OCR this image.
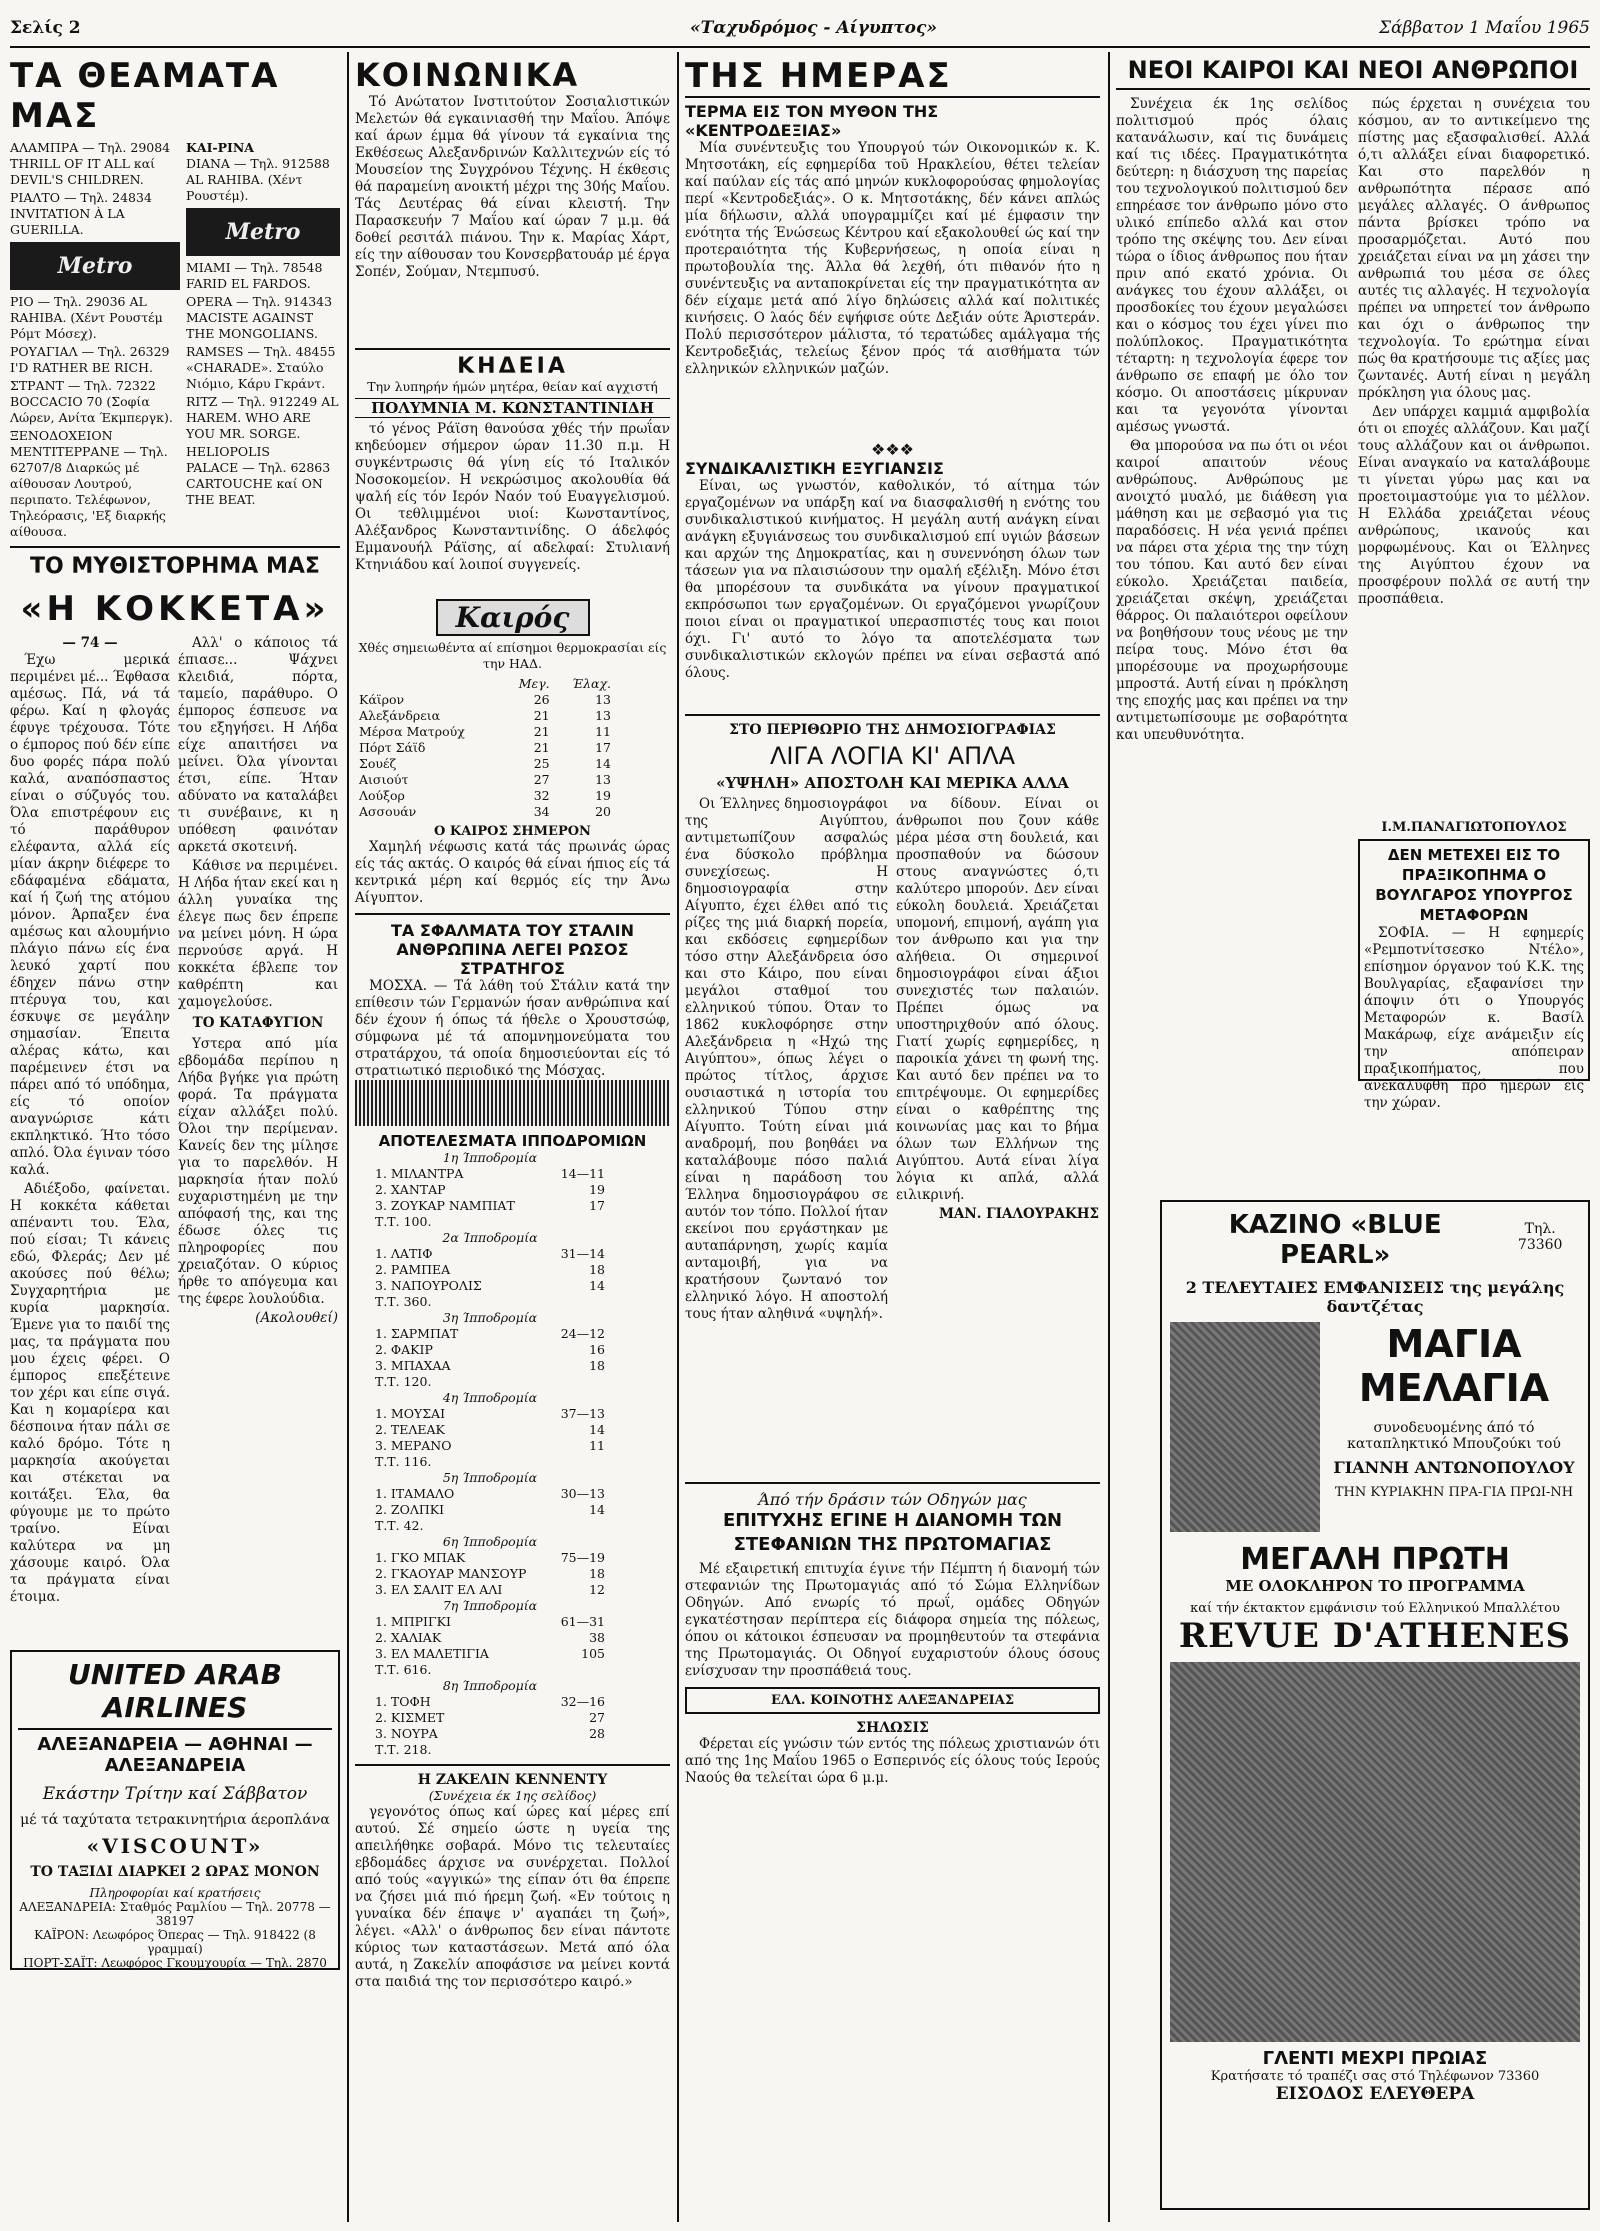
Σελίς 2	«Ταχυδρόμος - Αίγυπτος»	Σάββατον 1 Μαΐου 1965
ΤΑ ΘΕΑΜΑΤΑ ΜΑΣ
ΑΛΑΜΠΡΑ — Τηλ. 29084 THRILL OF IT ALL καί DEVIL'S CHILDREN.
ΡΙΑΛΤΟ — Τηλ. 24834 INVITATION À LA GUERILLA.
Metro
ΡΙΟ — Τηλ. 29036 AL RAHIBA. (Χέντ Ρουστέμ Ρόμτ Μόσεχ).
ΡΟΥΑΓΙΑΛ — Τηλ. 26329 I'D RATHER BE RICH.
ΣΤΡΑΝΤ — Τηλ. 72322 BOCCACIO 70 (Σοφία Λώρεν, Ανίτα Έκμπεργκ).
ΞΕΝΟΔΟΧΕΙΟΝ ΜΕΝΤΙΤΕΡΡΑΝΕ — Τηλ. 62707/8 Διαρκώς μέ αίθουσαν Λουτρού, περιπατο. Τελέφωνον, Τηλεόρασις, 'Εξ διαρκής αίθουσα.
ΚΑΙ-ΡΙΝΑ
DIANA — Τηλ. 912588 AL RAHIBA. (Χέντ Ρουστέμ).
Metro
MIAMI — Τηλ. 78548 FARID EL FARDOS.
OPERA — Τηλ. 914343 MACISTE AGAINST THE MONGOLIANS.
RAMSES — Τηλ. 48455 «CHARADE». Σταύλο Νιόμιο, Κάρυ Γκράντ.
RITZ — Τηλ. 912249 AL HAREM. WHO ARE YOU MR. SORGE.
HELIOPOLIS
PALACE — Τηλ. 62863 CARTOUCHE καί ON THE BEAT.
ΤΟ ΜΥΘΙΣΤΟΡΗΜΑ ΜΑΣ
«Η ΚΟΚΚΕΤΑ»
— 74 —

Έχω μερικά περιμένει μέ... Έφθασα αμέσως. Πά, νά τά φέρω. Καί η φλογάς έφυγε τρέχουσα. Τότε ο έμπορος πού δέν είπε δυο φορές πάρα πολύ καλά, αναπόσπαστος είναι ο σύζυγός του. Όλα επιστρέφουν εις τό παράθυρον ελέφαντα, αλλά είς μίαν άκρην διέφερε το εδάφαμένα εδάματα, καί ή ζωή της ατόμου μόνον. Άρπαξεν ένα αμέσως και αλουμήνιο πλάγιο πάνω είς ένα λευκό χαρτί που έδηχεν πάνω στην πτέρυγα του, και έσκυψε σε μεγάλην σημασίαν. Έπειτα αλέρας κάτω, και παρέμεινεν έτσι να πάρει από τό υπόδημα, είς τό οποίον αναγνώρισε κάτι εκπληκτικό. Ήτο τόσο απλό. Όλα έγιναν τόσο καλά.

Αδιέξοδο, φαίνεται. Η κοκκέτα κάθεται απέναντι του. Έλα, πού είσαι; Τι κάνεις εδώ, Φλεράς; Δεν μέ ακούσες πού θέλω; Συγχαρητήρια με κυρία μαρκησία. Έμενε για το παιδί της μας, τα πράγματα που μου έχεις φέρει. Ο έμπορος επεξέτεινε τον χέρι και είπε σιγά. Και η κομαρίερα και δέσποινα ήταν πάλι σε καλό δρόμο. Τότε η μαρκησία ακούγεται και στέκεται να κοιτάξει. Έλα, θα φύγουμε με το πρώτο τραίνο. Είναι καλύτερα να μη χάσουμε καιρό. Όλα τα πράγματα είναι έτοιμα.

Αλλ' ο κάποιος τά έπιασε... Ψάχνει κλειδιά, πόρτα, ταμείο, παράθυρο. Ο έμπορος έσπευσε να του εξηγήσει. Η Λήδα είχε απαιτήσει να μείνει. Όλα γίνονται έτσι, είπε. Ήταν αδύνατο να καταλάβει τι συνέβαινε, κι η υπόθεση φαινόταν αρκετά σκοτεινή.

Κάθισε να περιμένει. Η Λήδα ήταν εκεί και η άλλη γυναίκα της έλεγε πως δεν έπρεπε να μείνει μόνη. Η ώρα περνούσε αργά. Η κοκκέτα έβλεπε τον καθρέπτη και χαμογελούσε.

ΤΟ ΚΑΤΑΦΥΓΙΟΝ

Υστερα από μία εβδομάδα περίπου η Λήδα βγήκε για πρώτη φορά. Τα πράγματα είχαν αλλάξει πολύ. Όλοι την περίμεναν. Κανείς δεν της μίλησε για το παρελθόν. Η μαρκησία ήταν πολύ ευχαριστημένη με την απόφασή της, και της έδωσε όλες τις πληροφορίες που χρειαζόταν. Ο κύριος ήρθε το απόγευμα και της έφερε λουλούδια.

(Ακολουθεί)
UNITED ARAB AIRLINES
ΑΛΕΞΑΝΔΡΕΙΑ — ΑΘΗΝΑΙ — ΑΛΕΞΑΝΔΡΕΙΑ
Εκάστην Τρίτην καί Σάββατον
μέ τά ταχύτατα τετρακινητήρια άεροπλάνα
«VISCOUNT»
ΤΟ ΤΑΞΙΔΙ ΔΙΑΡΚΕΙ 2 ΩΡΑΣ ΜΟΝΟΝ
Πληροφορίαι καί κρατήσεις
ΑΛΕΞΑΝΔΡΕΙΑ: Σταθμός Ραμλίου — Τηλ. 20778 — 38197
ΚΑΪΡΟΝ: Λεωφόρος Όπερας — Τηλ. 918422 (8 γραμμαί)
ΠΟΡΤ-ΣΑΪΤ: Λεωφόρος Γκουμχουρία — Τηλ. 2870
ΚΟΙΝΩΝΙΚΑ

Τό Ανώτατον Ινστιτούτον Σοσιαλιστικών Μελετών θά εγκαινιασθή την Μαΐου. Άπόψε καί άρων έμμα θά γίνουν τά εγκαίνια της Εκθέσεως Αλεξανδρινών Καλλιτεχνών είς τό Μουσείον της Συγχρόνου Τέχνης. Η έκθεσις θά παραμείνη ανοικτή μέχρι της 30ής Μαΐου. Τάς Δευτέρας θά είναι κλειστή. Την Παρασκευήν 7 Μαΐου καί ώραν 7 μ.μ. θά δοθεί ρεσιτάλ πιάνου. Την κ. Μαρίας Χάρτ, είς την αίθουσαν του Κονσερβατουάρ μέ έργα Σοπέν, Σούμαν, Ντεμπυσύ.

ΚΗΔΕΙΑ
Την λυπηρήν ήμών μητέρα, θείαν καί αγχιστή
ΠΟΛΥΜΝΙΑ Μ. ΚΩΝΣΤΑΝΤΙΝΙΔΗ

τό γένος Ράϊση θανούσα χθές τήν πρωΐαν κηδεύομεν σήμερον ώραν 11.30 π.μ. Η συγκέντρωσις θά γίνη είς τό Ιταλικόν Νοσοκομείον. Η νεκρώσιμος ακολουθία θά ψαλή είς τόν Ιερόν Ναόν τού Ευαγγελισμού. Οι τεθλιμμένοι υιοί: Κωνσταντίνος, Αλέξανδρος Κωνσταντινίδης. Ο άδελφός Εμμανουήλ Ράϊσης, αί αδελφαί: Στυλιανή Κτηνιάδου καί λοιποί συγγενείς.

Καιρός
Χθές σημειωθέντα αί επίσημοι θερμοκρασίαι είς την ΗΑΔ.
	Μεγ.	Έλαχ.
Κάϊρον	26	13
Αλεξάνδρεια	21	13
Μέρσα Ματρούχ	21	11
Πόρτ Σάϊδ	21	17
Σουέζ	25	14
Αισιούτ	27	13
Λούξορ	32	19
Ασσουάν	34	20
Ο ΚΑΙΡΟΣ ΣΗΜΕΡΟΝ

Χαμηλή νέφωσις κατά τάς πρωινάς ώρας είς τάς ακτάς. Ο καιρός θά είναι ήπιος είς τά κεντρικά μέρη καί θερμός είς την Άνω Αίγυπτον.

ΤΑ ΣΦΑΛΜΑΤΑ ΤΟΥ ΣΤΑΛΙΝ ΑΝΘΡΩΠΙΝΑ ΛΕΓΕΙ ΡΩΣΟΣ ΣΤΡΑΤΗΓΟΣ

ΜΟΣΧΑ. — Τά λάθη τού Στάλιν κατά την επίθεσιν τών Γερμανών ήσαν ανθρώπινα καί δέν έχουν ή όπως τά ήθελε ο Χρουστσώφ, σύμφωνα μέ τά απομνημονεύματα του στρατάρχου, τά οποία δημοσιεύονται είς τό στρατιωτικό περιοδικό της Μόσχας.

ΑΠΟΤΕΛΕΣΜΑΤΑ ΙΠΠΟΔΡΟΜΙΩΝ
1η Ίπποδρομία
1. ΜΙΛΑΝΤΡΑ	14—11
2. ΧΑΝΤΑΡ	19
3. ΖΟΥΚΑΡ ΝΑΜΠΙΑΤ	17
Τ.Τ. 100.
2α Ίπποδρομία
1. ΛΑΤΙΦ	31—14
2. ΡΑΜΠΕΑ	18
3. ΝΑΠΟΥΡΟΛΙΣ	14
Τ.Τ. 360.
3η Ίπποδρομία
1. ΣΑΡΜΠΑΤ	24—12
2. ΦΑΚΙΡ	16
3. ΜΠΑΧΑΑ	18
Τ.Τ. 120.
4η Ίπποδρομία
1. ΜΟΥΣΑΙ	37—13
2. ΤΕΛΕΑΚ	14
3. ΜΕΡΑΝΟ	11
Τ.Τ. 116.
5η Ίπποδρομία
1. ΙΤΑΜΑΛΟ	30—13
2. ΖΟΛΠΚΙ	14
Τ.Τ. 42.
6η Ίπποδρομία
1. ΓΚΟ ΜΠΑΚ	75—19
2. ΓΚΑΟΥΑΡ ΜΑΝΣΟΥΡ	18
3. ΕΛ ΣΑΛΙΤ ΕΛ ΑΛΙ	12
7η Ίπποδρομία
1. ΜΠΡΙΓΚΙ	61—31
2. ΧΑΛΙΑΚ	38
3. ΕΛ ΜΑΛΕΤΙΓΙΑ	105
Τ.Τ. 616.
8η Ίπποδρομία
1. ΤΟΦΗ	32—16
2. ΚΙΣΜΕΤ	27
3. ΝΟΥΡΑ	28
Τ.Τ. 218.
Η ΖΑΚΕΛΙΝ ΚΕΝΝΕΝΤΥ
(Συνέχεια έκ 1ης σελίδος)

γεγονότος όπως καί ώρες καί μέρες επί αυτού. Σέ σημείο ώστε η υγεία της απειλήθηκε σοβαρά. Μόνο τις τελευταίες εβδομάδες άρχισε να συνέρχεται. Πολλοί από τούς «αγγικώ» της είπαν ότι θα έπρεπε να ζήσει μιά πιό ήρεμη ζωή. «Εν τούτοις η γυναίκα δέν έπαψε ν' αγαπάει τη ζωή», λέγει. «Αλλ' ο άνθρωπος δεν είναι πάντοτε κύριος των καταστάσεων. Μετά από όλα αυτά, η Ζακελίν αποφάσισε να μείνει κοντά στα παιδιά της τον περισσότερο καιρό.»

ΤΗΣ ΗΜΕΡΑΣ
ΤΕΡΜΑ ΕΙΣ ΤΟΝ ΜΥΘΟΝ ΤΗΣ «ΚΕΝΤΡΟΔΕΞΙΑΣ»

Μία συνέντευξις του Υπουργού τών Οικονομικών κ. Κ. Μητσοτάκη, είς εφημερίδα τοῦ Ηρακλείου, θέτει τελείαν καί παύλαν είς τάς από μηνών κυκλοφορούσας φημολογίας περί «Κεντροδεξιάς». Ο κ. Μητσοτάκης, δέν κάνει απλώς μία δήλωσιν, αλλά υπογραμμίζει καί μέ έμφασιν την ενότητα τής Ένώσεως Κέντρου καί εξακολουθεί ώς καί την προτεραιότητα τής Κυβερνήσεως, η οποία είναι η πρωτοβουλία της. Άλλα θά λεχθή, ότι πιθανόν ήτο η συνέντευξις να ανταποκρίνεται είς την πραγματικότητα αν δέν είχαμε μετά από λίγο δηλώσεις αλλά καί πολιτικές κινήσεις. Ο λαός δέν εψήφισε ούτε Δεξιάν ούτε Άριστεράν. Πολύ περισσότερον μάλιστα, τό τερατώδες αμάλγαμα τής Κεντροδεξιάς, τελείως ξένον πρός τά αισθήματα τών ελληνικών ελληνικών μαζών.

❖❖❖
ΣΥΝΔΙΚΑΛΙΣΤΙΚΗ ΕΞΥΓΙΑΝΣΙΣ

Είναι, ως γνωστόν, καθολικόν, τό αίτημα τών εργαζομένων να υπάρξη καί να διασφαλισθή η ενότης του συνδικαλιστικού κινήματος. Η μεγάλη αυτή ανάγκη είναι ανάγκη εξυγιάνσεως του συνδικαλισμού επί υγιών βάσεων και αρχών της Δημοκρατίας, και η συνεννόηση όλων των τάσεων για να πλαισιώσουν την ομαλή εξέλιξη. Μόνο έτσι θα μπορέσουν τα συνδικάτα να γίνουν πραγματικοί εκπρόσωποι των εργαζομένων. Οι εργαζόμενοι γνωρίζουν ποιοι είναι οι πραγματικοί υπερασπιστές τους και ποιοι όχι. Γι' αυτό το λόγο τα αποτελέσματα των συνδικαλιστικών εκλογών πρέπει να είναι σεβαστά από όλους.

ΣΤΟ ΠΕΡΙΘΩΡΙΟ ΤΗΣ ΔΗΜΟΣΙΟΓΡΑΦΙΑΣ
ΛΙΓΑ ΛΟΓΙΑ ΚΙ' ΑΠΛΑ
«ΥΨΗΛΗ» ΑΠΟΣΤΟΛΗ ΚΑΙ ΜΕΡΙΚΑ ΑΛΛΑ

Οι Έλληνες δημοσιογράφοι της Αιγύπτου, αντιμετωπίζουν ασφαλώς ένα δύσκολο πρόβλημα συνεχίσεως. Η δημοσιογραφία στην Αίγυπτο, έχει έλθει από τις ρίζες της μιά διαρκή πορεία, και εκδόσεις εφημερίδων τόσο στην Αλεξάνδρεια όσο και στο Κάιρο, που είναι μεγάλοι σταθμοί του ελληνικού τύπου. Όταν το 1862 κυκλοφόρησε στην Αλεξάνδρεια η «Ηχώ της Αιγύπτου», όπως λέγει ο πρώτος τίτλος, άρχισε ουσιαστικά η ιστορία του ελληνικού Τύπου στην Αίγυπτο. Τούτη είναι μιά αναδρομή, που βοηθάει να καταλάβουμε πόσο παλιά είναι η παράδοση του Έλληνα δημοσιογράφου σε αυτόν τον τόπο. Πολλοί ήταν εκείνοι που εργάστηκαν με αυταπάρνηση, χωρίς καμία ανταμοιβή, για να κρατήσουν ζωντανό τον ελληνικό λόγο. Η αποστολή τους ήταν αληθινά «υψηλή».

να δίδουν. Είναι οι άνθρωποι που ζουν κάθε μέρα μέσα στη δουλειά, και προσπαθούν να δώσουν στους αναγνώστες ό,τι καλύτερο μπορούν. Δεν είναι εύκολη δουλειά. Χρειάζεται υπομονή, επιμονή, αγάπη για τον άνθρωπο και για την αλήθεια. Οι σημερινοί δημοσιογράφοι είναι άξιοι συνεχιστές των παλαιών. Πρέπει όμως να υποστηριχθούν από όλους. Γιατί χωρίς εφημερίδες, η παροικία χάνει τη φωνή της. Και αυτό δεν πρέπει να το επιτρέψουμε. Οι εφημερίδες είναι ο καθρέπτης της κοινωνίας μας και το βήμα όλων των Ελλήνων της Αιγύπτου. Αυτά είναι λίγα λόγια κι απλά, αλλά ειλικρινή.

ΜΑΝ. ΓΙΑΛΟΥΡΑΚΗΣ
Άπό τήν δράσιν τών Οδηγών μας
ΕΠΙΤΥΧΗΣ ΕΓΙΝΕ Η ΔΙΑΝΟΜΗ ΤΩΝ ΣΤΕΦΑΝΙΩΝ ΤΗΣ ΠΡΩΤΟΜΑΓΙΑΣ

Μέ εξαιρετική επιτυχία έγινε τήν Πέμπτη ή διανομή τών στεφανιών της Πρωτομαγιάς από τό Σώμα Ελληνίδων Οδηγών. Από ενωρίς τό πρωΐ, ομάδες Οδηγών εγκατέστησαν περίπτερα είς διάφορα σημεία της πόλεως, όπου οι κάτοικοι έσπευσαν να προμηθευτούν τα στεφάνια της Πρωτομαγιάς. Οι Οδηγοί ευχαριστούν όλους όσους ενίσχυσαν την προσπάθειά τους.

ΕΛΛ. ΚΟΙΝΟΤΗΣ ΑΛΕΞΑΝΔΡΕΙΑΣ
ΣΗΛΩΣΙΣ

Φέρεται είς γνώσιν τών εντός της πόλεως χριστιανών ότι από της 1ης Μαΐου 1965 ο Εσπερινός είς όλους τούς Ιερούς Ναούς θα τελείται ώρα 6 μ.μ.

ΝΕΟΙ ΚΑΙΡΟΙ ΚΑΙ ΝΕΟΙ ΑΝΘΡΩΠΟΙ

Συνέχεια έκ 1ης σελίδος πολιτισμού πρός όλαις κατανάλωσιν, καί τις δυνάμεις καί τις ιδέες. Πραγματικότητα δεύτερη: η διάσχυση της παρείας του τεχνολογικού πολιτισμού δεν επηρέασε τον άνθρωπο μόνο στο υλικό επίπεδο αλλά και στον τρόπο της σκέψης του. Δεν είναι τώρα ο ίδιος άνθρωπος που ήταν πριν από εκατό χρόνια. Οι ανάγκες του έχουν αλλάξει, οι προσδοκίες του έχουν μεγαλώσει και ο κόσμος του έχει γίνει πιο πολύπλοκος. Πραγματικότητα τέταρτη: η τεχνολογία έφερε τον άνθρωπο σε επαφή με όλο τον κόσμο. Οι αποστάσεις μίκρυναν και τα γεγονότα γίνονται αμέσως γνωστά.

Θα μπορούσα να πω ότι οι νέοι καιροί απαιτούν νέους ανθρώπους. Ανθρώπους με ανοιχτό μυαλό, με διάθεση για μάθηση και με σεβασμό για τις παραδόσεις. Η νέα γενιά πρέπει να πάρει στα χέρια της την τύχη του τόπου. Και αυτό δεν είναι εύκολο. Χρειάζεται παιδεία, χρειάζεται σκέψη, χρειάζεται θάρρος. Οι παλαιότεροι οφείλουν να βοηθήσουν τους νέους με την πείρα τους. Μόνο έτσι θα μπορέσουμε να προχωρήσουμε μπροστά. Αυτή είναι η πρόκληση της εποχής μας και πρέπει να την αντιμετωπίσουμε με σοβαρότητα και υπευθυνότητα.

πώς έρχεται η συνέχεια του κόσμου, αν το αντικείμενο της πίστης μας εξασφαλισθεί. Αλλά ό,τι αλλάξει είναι διαφορετικό. Και στο παρελθόν η ανθρωπότητα πέρασε από μεγάλες αλλαγές. Ο άνθρωπος πάντα βρίσκει τρόπο να προσαρμόζεται. Αυτό που χρειάζεται είναι να μη χάσει την ανθρωπιά του μέσα σε όλες αυτές τις αλλαγές. Η τεχνολογία πρέπει να υπηρετεί τον άνθρωπο και όχι ο άνθρωπος την τεχνολογία. Το ερώτημα είναι πώς θα κρατήσουμε τις αξίες μας ζωντανές. Αυτή είναι η μεγάλη πρόκληση για όλους μας.

Δεν υπάρχει καμμιά αμφιβολία ότι οι εποχές αλλάζουν. Και μαζί τους αλλάζουν και οι άνθρωποι. Είναι αναγκαίο να καταλάβουμε τι γίνεται γύρω μας και να προετοιμαστούμε για το μέλλον. Η Ελλάδα χρειάζεται νέους ανθρώπους, ικανούς και μορφωμένους. Και οι Έλληνες της Αιγύπτου έχουν να προσφέρουν πολλά σε αυτή την προσπάθεια.

Ι.Μ.ΠΑΝΑΓΙΩΤΟΠΟΥΛΟΣ
ΔΕΝ ΜΕΤΕΧΕΙ ΕΙΣ ΤΟ ΠΡΑΞΙΚΟΠΗΜΑ Ο ΒΟΥΛΓΑΡΟΣ ΥΠΟΥΡΓΟΣ ΜΕΤΑΦΟΡΩΝ

ΣΟΦΙΑ. — Η εφημερίς «Ρεμποτνίτσεσκο Ντέλο», επίσημον όργανον τού Κ.Κ. της Βουλγαρίας, εξαφανίσει την άποψιν ότι ο Υπουργός Μεταφορών κ. Βασίλ Μακάρωφ, είχε ανάμειξιν είς την απόπειραν πραξικοπήματος, που ανεκαλύφθη πρό ημερών είς την χώραν.

ΚΑΖΙΝΟ «BLUE PEARL»
Τηλ. 73360
2 ΤΕΛΕΥΤΑΙΕΣ ΕΜΦΑΝΙΣΕΙΣ της μεγάλης δαντζέτας
ΜΑΓΙΑ ΜΕΛΑΓΙΑ
συνοδευομένης άπό τό καταπληκτικό Μπουζούκι τού
ΓΙΑΝΝΗ ΑΝΤΩΝΟΠΟΥΛΟΥ
ΤΗΝ ΚΥΡΙΑΚΗΝ ΠΡΑ-ΓΙΑ ΠΡΩΙ-ΝΗ
ΜΕΓΑΛΗ ΠΡΩΤΗ
ΜΕ ΟΛΟΚΛΗΡΟΝ ΤΟ ΠΡΟΓΡΑΜΜΑ
καί τήν έκτακτον εμφάνισιν τού Ελληνικού Μπαλλέτου
REVUE D'ATHENES
ΓΛΕΝΤΙ ΜΕΧΡΙ ΠΡΩΙΑΣ
Κρατήσατε τό τραπέζι σας στό Τηλέφωνον 73360
ΕΙΣΟΔΟΣ ΕΛΕΥΘΕΡΑ
